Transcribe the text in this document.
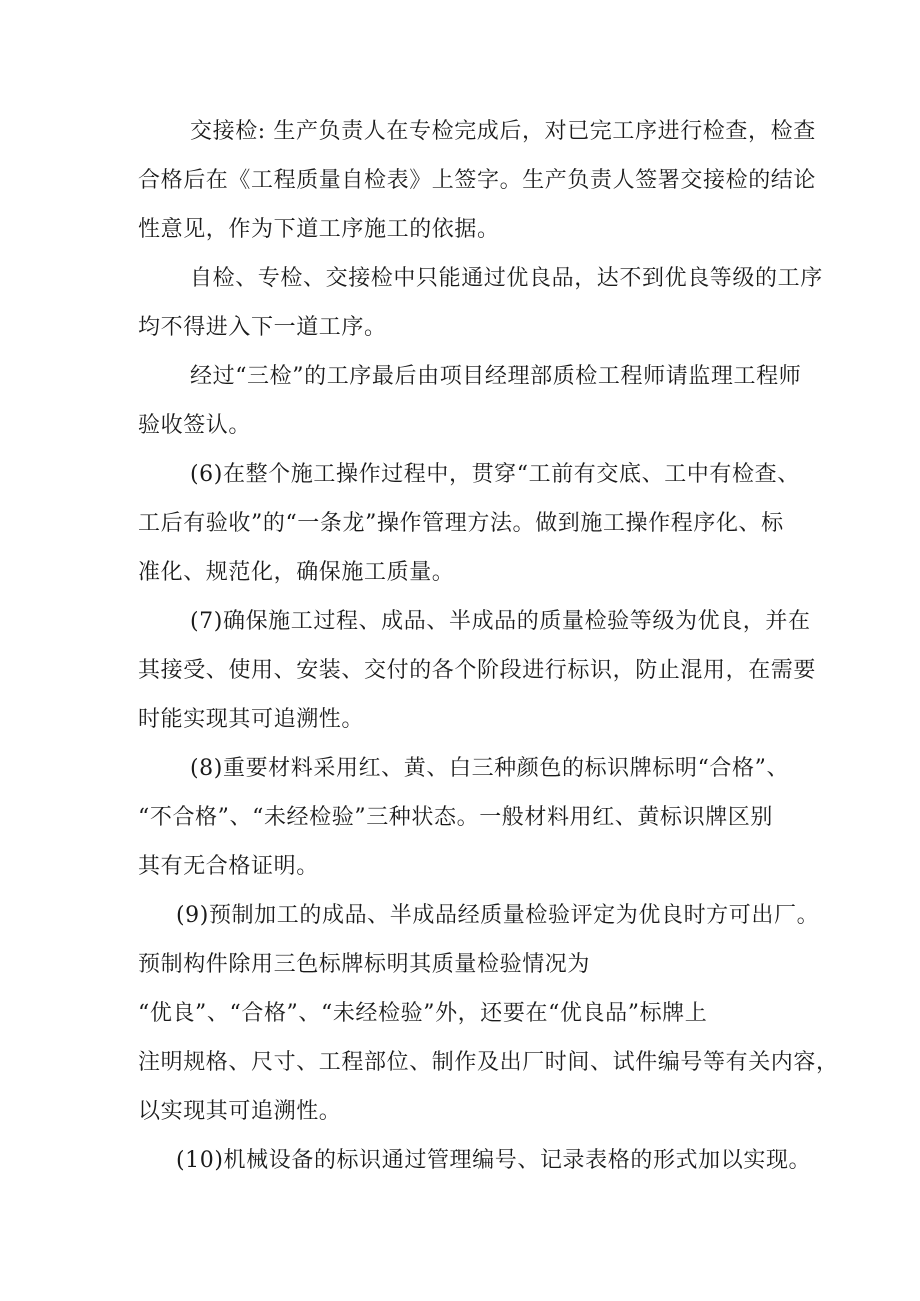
交接检: 生产负责人在专检完成后，对已完工序进行检查，检查
合格后在《工程质量自检表》上签字。生产负责人签署交接检的结论
性意见，作为下道工序施工的依据。
自检、专检、交接检中只能通过优良品，达不到优良等级的工序
均不得进入下一道工序。
经过“三检”的工序最后由项目经理部质检工程师请监理工程师
验收签认。
(6)在整个施工操作过程中，贯穿“工前有交底、工中有检查、
工后有验收”的“一条龙”操作管理方法。做到施工操作程序化、标
准化、规范化，确保施工质量。
(7)确保施工过程、成品、半成品的质量检验等级为优良，并在
其接受、使用、安装、交付的各个阶段进行标识，防止混用，在需要
时能实现其可追溯性。
(8)重要材料采用红、黄、白三种颜色的标识牌标明“合格”、
“不合格”、“未经检验”三种状态。一般材料用红、黄标识牌区别
其有无合格证明。
(9)预制加工的成品、半成品经质量检验评定为优良时方可出厂。
预制构件除用三色标牌标明其质量检验情况为
“优良”、“合格”、“未经检验”外，还要在“优良品”标牌上
注明规格、尺寸、工程部位、制作及出厂时间、试件编号等有关内容，
以实现其可追溯性。
(10)机械设备的标识通过管理编号、记录表格的形式加以实现。
